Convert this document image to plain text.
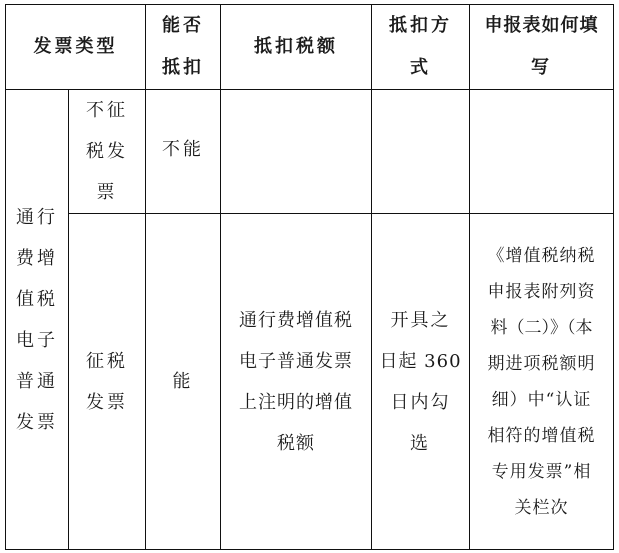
发票类型
能否
抵扣
抵扣税额
抵扣方
式
申报表如何填
写
通行
费增
值税
电子
普通
发票
不征
税发
票
不能
征税
发票
能
通行费增值税
电子普通发票
上注明的增值
税额
开具之
日起 360
日内勾
选
《增值税纳税
申报表附列资
料（二）》（本
期进项税额明
细）中“认证
相符的增值税
专用发票”相
关栏次
